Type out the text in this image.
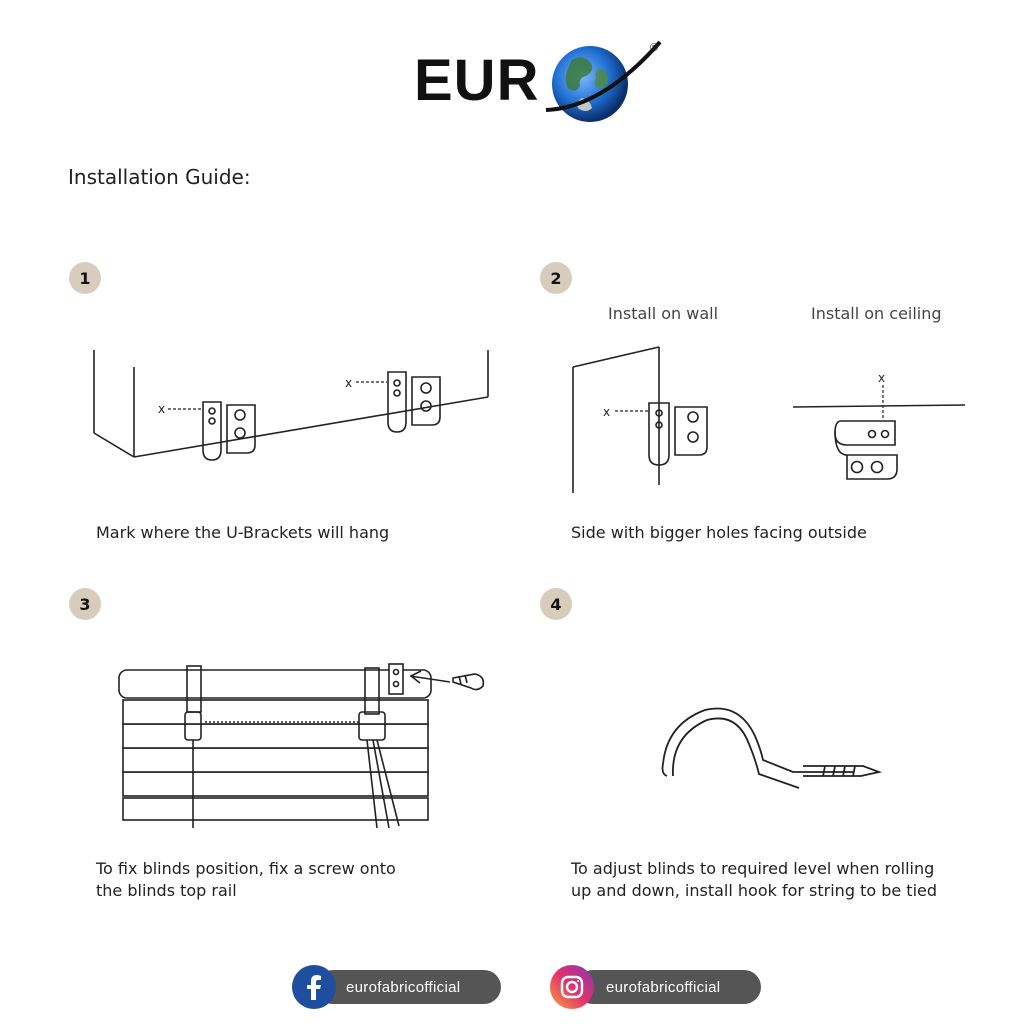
EUR	®
Installation Guide:
1
x
x
Mark where the U-Brackets will hang
2
Install on wall	Install on ceiling
x
x
Side with bigger holes facing outside
3
To fix blinds position, fix a screw onto
the blinds top rail
4
To adjust blinds to required level when rolling
up and down, install hook for string to be tied
eurofabricofficial	eurofabricofficial
